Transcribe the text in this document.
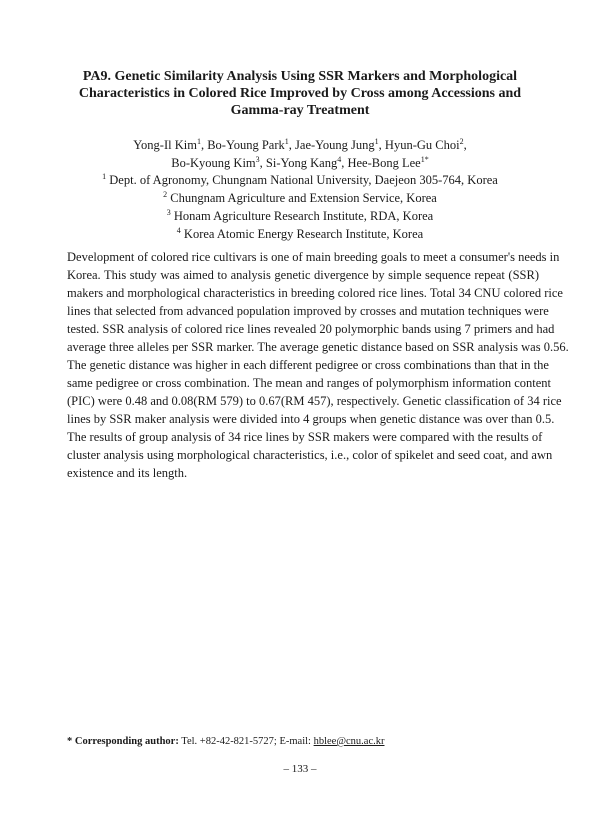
PA9. Genetic Similarity Analysis Using SSR Markers and Morphological
Characteristics in Colored Rice Improved by Cross among Accessions and
Gamma-ray Treatment
Yong-Il Kim$^1$, Bo-Young Park$^1$, Jae-Young Jung$^1$, Hyun-Gu Choi$^2$,
Bo-Kyoung Kim$^3$, Si-Yong Kang$^4$, Hee-Bong Lee$^{1*}$
$^1$ Dept. of Agronomy, Chungnam National University, Daejeon 305-764, Korea
$^2$ Chungnam Agriculture and Extension Service, Korea
$^3$ Honam Agriculture Research Institute, RDA, Korea
$^4$ Korea Atomic Energy Research Institute, Korea
Development of colored rice cultivars is one of main breeding goals to meet a consumer's needs in
Korea. This study was aimed to analysis genetic divergence by simple sequence repeat (SSR)
makers and morphological characteristics in breeding colored rice lines. Total 34 CNU colored rice
lines that selected from advanced population improved by crosses and mutation techniques were
tested. SSR analysis of colored rice lines revealed 20 polymorphic bands using 7 primers and had
average three alleles per SSR marker. The average genetic distance based on SSR analysis was 0.56.
The genetic distance was higher in each different pedigree or cross combinations than that in the
same pedigree or cross combination. The mean and ranges of polymorphism information content
(PIC) were 0.48 and 0.08(RM 579) to 0.67(RM 457), respectively. Genetic classification of 34 rice
lines by SSR maker analysis were divided into 4 groups when genetic distance was over than 0.5.
The results of group analysis of 34 rice lines by SSR makers were compared with the results of
cluster analysis using morphological characteristics, i.e., color of spikelet and seed coat, and awn
existence and its length.
* Corresponding author: Tel. +82-42-821-5727; E-mail: hblee@cnu.ac.kr
– 133 –
